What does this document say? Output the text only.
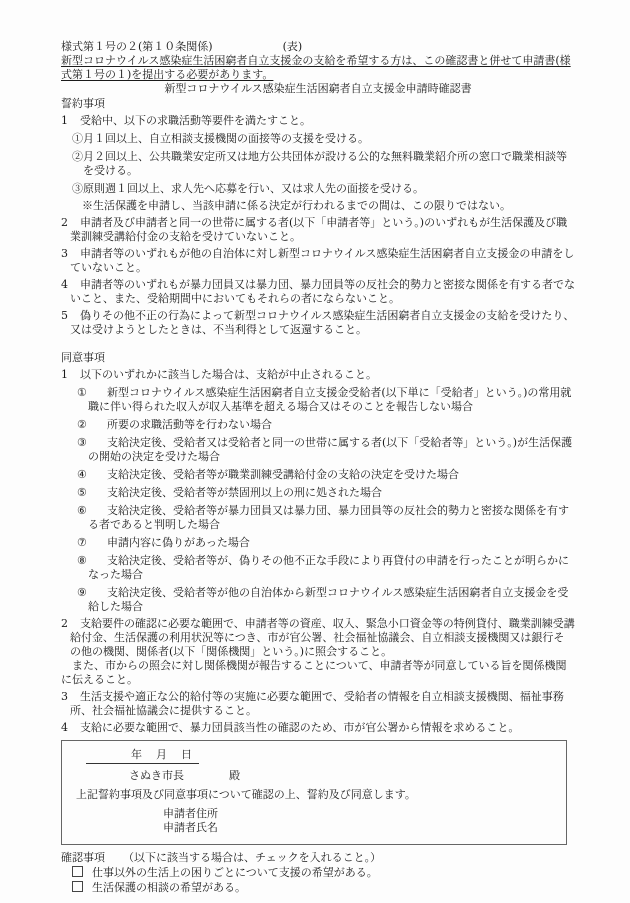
様式第１号の２(第１０条関係)	(表)
新型コロナウイルス感染症生活困窮者自立支援金の支給を希望する方は、この確認書と併せて申請書(様式第１号の１)を提出する必要があります。
新型コロナウイルス感染症生活困窮者自立支援金申請時確認書
誓約事項
1 受給中、以下の求職活動等要件を満たすこと。
①月１回以上、自立相談支援機関の面接等の支援を受ける。
②月２回以上、公共職業安定所又は地方公共団体が設ける公的な無料職業紹介所の窓口で職業相談等を受ける。
③原則週１回以上、求人先へ応募を行い、又は求人先の面接を受ける。
※生活保護を申請し、当該申請に係る決定が行われるまでの間は、この限りではない。
2 申請者及び申請者と同一の世帯に属する者(以下「申請者等」という。)のいずれもが生活保護及び職業訓練受講給付金の支給を受けていないこと。
3 申請者等のいずれもが他の自治体に対し新型コロナウイルス感染症生活困窮者自立支援金の申請をしていないこと。
4 申請者等のいずれもが暴力団員又は暴力団、暴力団員等の反社会的勢力と密接な関係を有する者でないこと、また、受給期間中においてもそれらの者にならないこと。
5 偽りその他不正の行為によって新型コロナウイルス感染症生活困窮者自立支援金の支給を受けたり、又は受けようとしたときは、不当利得として返還すること。
同意事項
1 以下のいずれかに該当した場合は、支給が中止されること。
① 新型コロナウイルス感染症生活困窮者自立支援金受給者(以下単に「受給者」という。)の常用就職に伴い得られた収入が収入基準を超える場合又はそのことを報告しない場合
② 所要の求職活動等を行わない場合
③ 支給決定後、受給者又は受給者と同一の世帯に属する者(以下「受給者等」という。)が生活保護の開始の決定を受けた場合
④ 支給決定後、受給者等が職業訓練受講給付金の支給の決定を受けた場合
⑤ 支給決定後、受給者等が禁固刑以上の刑に処された場合
⑥ 支給決定後、受給者等が暴力団員又は暴力団、暴力団員等の反社会的勢力と密接な関係を有する者であると判明した場合
⑦ 申請内容に偽りがあった場合
⑧ 支給決定後、受給者等が、偽りその他不正な手段により再貸付の申請を行ったことが明らかになった場合
⑨ 支給決定後、受給者等が他の自治体から新型コロナウイルス感染症生活困窮者自立支援金を受給した場合
2 支給要件の確認に必要な範囲で、申請者等の資産、収入、緊急小口資金等の特例貸付、職業訓練受講給付金、生活保護の利用状況等につき、市が官公署、社会福祉協議会、自立相談支援機関又は銀行その他の機関、関係者(以下「関係機関」という。)に照会すること。
また、市からの照会に対し関係機関が報告することについて、申請者等が同意している旨を関係機関に伝えること。
3 生活支援や適正な公的給付等の実施に必要な範囲で、受給者の情報を自立相談支援機関、福祉事務所、社会福祉協議会に提供すること。
4 支給に必要な範囲で、暴力団員該当性の確認のため、市が官公署から情報を求めること。
年 月 日
さぬき市長	殿
上記誓約事項及び同意事項について確認の上、誓約及び同意します。
申請者住所
申請者氏名
確認事項 （以下に該当する場合は、チェックを入れること。）
仕事以外の生活上の困りごとについて支援の希望がある。
生活保護の相談の希望がある。
